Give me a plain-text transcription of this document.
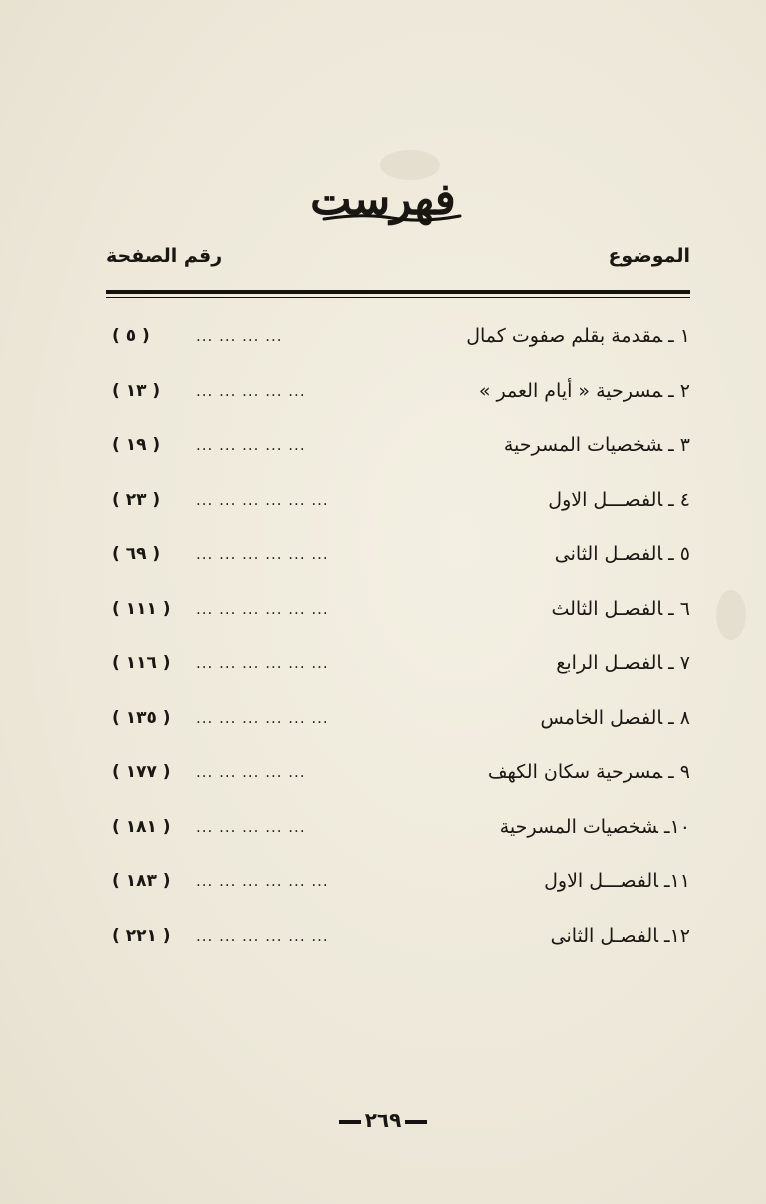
فهرست
الموضوع
رقم الصفحة
١ ـمقدمة بقلم صفوت كمال
... ... ... ...
( ٥ )
٢ ـمسرحية « أيام العمر »
... ... ... ... ...
( ١٣ )
٣ ـشخصيات المسرحية
... ... ... ... ...
( ١٩ )
٤ ـالفصـــل الاول
... ... ... ... ... ...
( ٢٣ )
٥ ـالفصـل الثانى
... ... ... ... ... ...
( ٦٩ )
٦ ـالفصـل الثالث
... ... ... ... ... ...
( ١١١ )
٧ ـالفصـل الرابع
... ... ... ... ... ...
( ١١٦ )
٨ ـالفصل الخامس
... ... ... ... ... ...
( ١٣٥ )
٩ ـمسرحية سكان الكهف
... ... ... ... ...
( ١٧٧ )
١٠ـشخصيات المسرحية
... ... ... ... ...
( ١٨١ )
١١ـالفصـــل الاول
... ... ... ... ... ...
( ١٨٣ )
١٢ـالفصـل الثانى
... ... ... ... ... ...
( ٢٢١ )
٢٦٩
